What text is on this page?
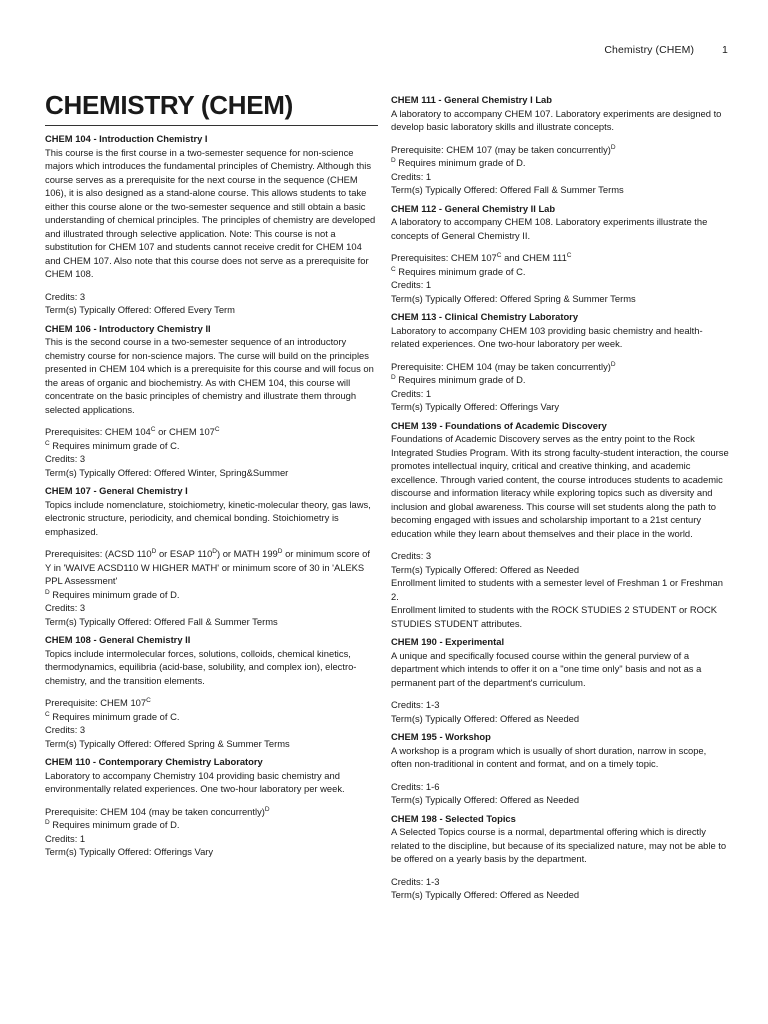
Chemistry (CHEM)	1
CHEMISTRY (CHEM)
CHEM 104 - Introduction Chemistry I

This course is the first course in a two-semester sequence for non-science majors which introduces the fundamental principles of Chemistry. Although this course serves as a prerequisite for the next course in the sequence (CHEM 106), it is also designed as a stand-alone course. This allows students to take either this course alone or the two-semester sequence and still obtain a basic understanding of chemical principles. The principles of chemistry are developed and illustrated through selective application. Note: This course is not a substitution for CHEM 107 and students cannot receive credit for CHEM 104 and CHEM 107. Also note that this course does not serve as a prerequisite for CHEM 108.

Credits: 3
Term(s) Typically Offered: Offered Every Term
CHEM 106 - Introductory Chemistry II

This is the second course in a two-semester sequence of an introductory chemistry course for non-science majors. The curse will build on the principles presented in CHEM 104 which is a prerequisite for this course and will focus on the areas of organic and biochemistry. As with CHEM 104, this course will concentrate on the basic principles of chemistry and illustrate them through selected applications.

Prerequisites: CHEM $104^C$ or CHEM $107^C$
$^C$ Requires minimum grade of C.
Credits: 3
Term(s) Typically Offered: Offered Winter, Spring&Summer
CHEM 107 - General Chemistry I

Topics include nomenclature, stoichiometry, kinetic-molecular theory, gas laws, electronic structure, periodicity, and chemical bonding. Stoichiometry is emphasized.

Prerequisites: (ACSD $110^D$ or ESAP $110^D$) or MATH $199^D$ or minimum score of Y in 'WAIVE ACSD110 W HIGHER MATH' or minimum score of 30 in 'ALEKS PPL Assessment'
$^D$ Requires minimum grade of D.
Credits: 3
Term(s) Typically Offered: Offered Fall & Summer Terms
CHEM 108 - General Chemistry II

Topics include intermolecular forces, solutions, colloids, chemical kinetics, thermodynamics, equilibria (acid-base, solubility, and complex ion), electro-chemistry, and the transition elements.

Prerequisite: CHEM $107^C$
$^C$ Requires minimum grade of C.
Credits: 3
Term(s) Typically Offered: Offered Spring & Summer Terms
CHEM 110 - Contemporary Chemistry Laboratory

Laboratory to accompany Chemistry 104 providing basic chemistry and environmentally related experiences. One two-hour laboratory per week.

Prerequisite: CHEM 104 (may be taken concurrently)$^D$
$^D$ Requires minimum grade of D.
Credits: 1
Term(s) Typically Offered: Offerings Vary
CHEM 111 - General Chemistry I Lab

A laboratory to accompany CHEM 107. Laboratory experiments are designed to develop basic laboratory skills and illustrate concepts.

Prerequisite: CHEM 107 (may be taken concurrently)$^D$
$^D$ Requires minimum grade of D.
Credits: 1
Term(s) Typically Offered: Offered Fall & Summer Terms
CHEM 112 - General Chemistry II Lab

A laboratory to accompany CHEM 108. Laboratory experiments illustrate the concepts of General Chemistry II.

Prerequisites: CHEM $107^C$ and CHEM $111^C$
$^C$ Requires minimum grade of C.
Credits: 1
Term(s) Typically Offered: Offered Spring & Summer Terms
CHEM 113 - Clinical Chemistry Laboratory

Laboratory to accompany CHEM 103 providing basic chemistry and health-related experiences. One two-hour laboratory per week.

Prerequisite: CHEM 104 (may be taken concurrently)$^D$
$^D$ Requires minimum grade of D.
Credits: 1
Term(s) Typically Offered: Offerings Vary
CHEM 139 - Foundations of Academic Discovery

Foundations of Academic Discovery serves as the entry point to the Rock Integrated Studies Program. With its strong faculty-student interaction, the course promotes intellectual inquiry, critical and creative thinking, and academic excellence. Through varied content, the course introduces students to academic discourse and information literacy while exploring topics such as diversity and inclusion and global awareness. This course will set students along the path to becoming engaged with issues and scholarship important to a 21st century education while they learn about themselves and their place in the world.

Credits: 3
Term(s) Typically Offered: Offered as Needed
Enrollment limited to students with a semester level of Freshman 1 or Freshman 2.
Enrollment limited to students with the ROCK STUDIES 2 STUDENT or ROCK STUDIES STUDENT attributes.
CHEM 190 - Experimental

A unique and specifically focused course within the general purview of a department which intends to offer it on a "one time only" basis and not as a permanent part of the department's curriculum.

Credits: 1-3
Term(s) Typically Offered: Offered as Needed
CHEM 195 - Workshop

A workshop is a program which is usually of short duration, narrow in scope, often non-traditional in content and format, and on a timely topic.

Credits: 1-6
Term(s) Typically Offered: Offered as Needed
CHEM 198 - Selected Topics

A Selected Topics course is a normal, departmental offering which is directly related to the discipline, but because of its specialized nature, may not be able to be offered on a yearly basis by the department.

Credits: 1-3
Term(s) Typically Offered: Offered as Needed
